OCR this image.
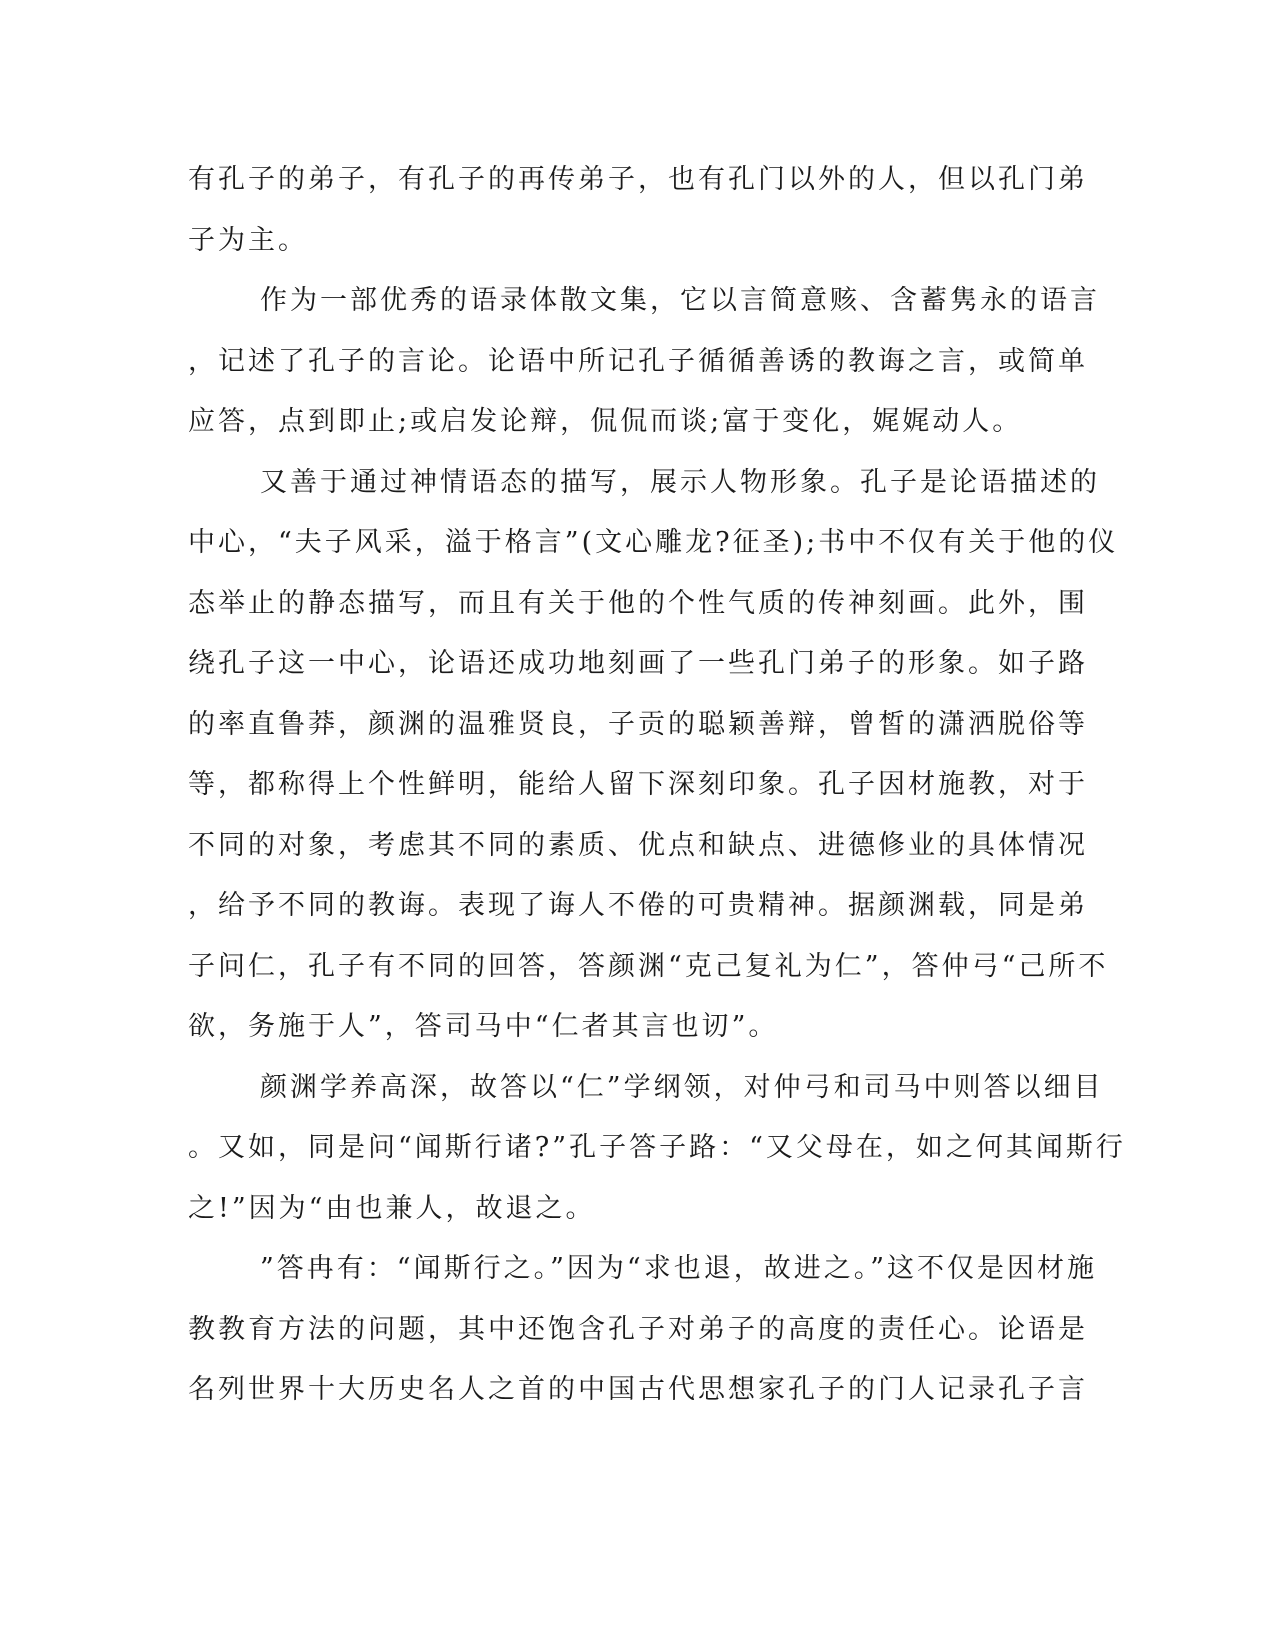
有孔子的弟子，有孔子的再传弟子，也有孔门以外的人，但以孔门弟
子为主。
作为一部优秀的语录体散文集，它以言简意赅、含蓄隽永的语言
，记述了孔子的言论。论语中所记孔子循循善诱的教诲之言，或简单
应答，点到即止;或启发论辩，侃侃而谈;富于变化，娓娓动人。
又善于通过神情语态的描写，展示人物形象。孔子是论语描述的
中心，“夫子风采，溢于格言”(文心雕龙?征圣);书中不仅有关于他的仪
态举止的静态描写，而且有关于他的个性气质的传神刻画。此外，围
绕孔子这一中心，论语还成功地刻画了一些孔门弟子的形象。如子路
的率直鲁莽，颜渊的温雅贤良，子贡的聪颖善辩，曾皙的潇洒脱俗等
等，都称得上个性鲜明，能给人留下深刻印象。孔子因材施教，对于
不同的对象，考虑其不同的素质、优点和缺点、进德修业的具体情况
，给予不同的教诲。表现了诲人不倦的可贵精神。据颜渊载，同是弟
子问仁，孔子有不同的回答，答颜渊“克己复礼为仁”，答仲弓“己所不
欲，务施于人”，答司马中“仁者其言也讱”。
颜渊学养高深，故答以“仁”学纲领，对仲弓和司马中则答以细目
。又如，同是问“闻斯行诸?”孔子答子路：“又父母在，如之何其闻斯行
之!”因为“由也兼人，故退之。
”答冉有：“闻斯行之。”因为“求也退，故进之。”这不仅是因材施
教教育方法的问题，其中还饱含孔子对弟子的高度的责任心。论语是
名列世界十大历史名人之首的中国古代思想家孔子的门人记录孔子言
